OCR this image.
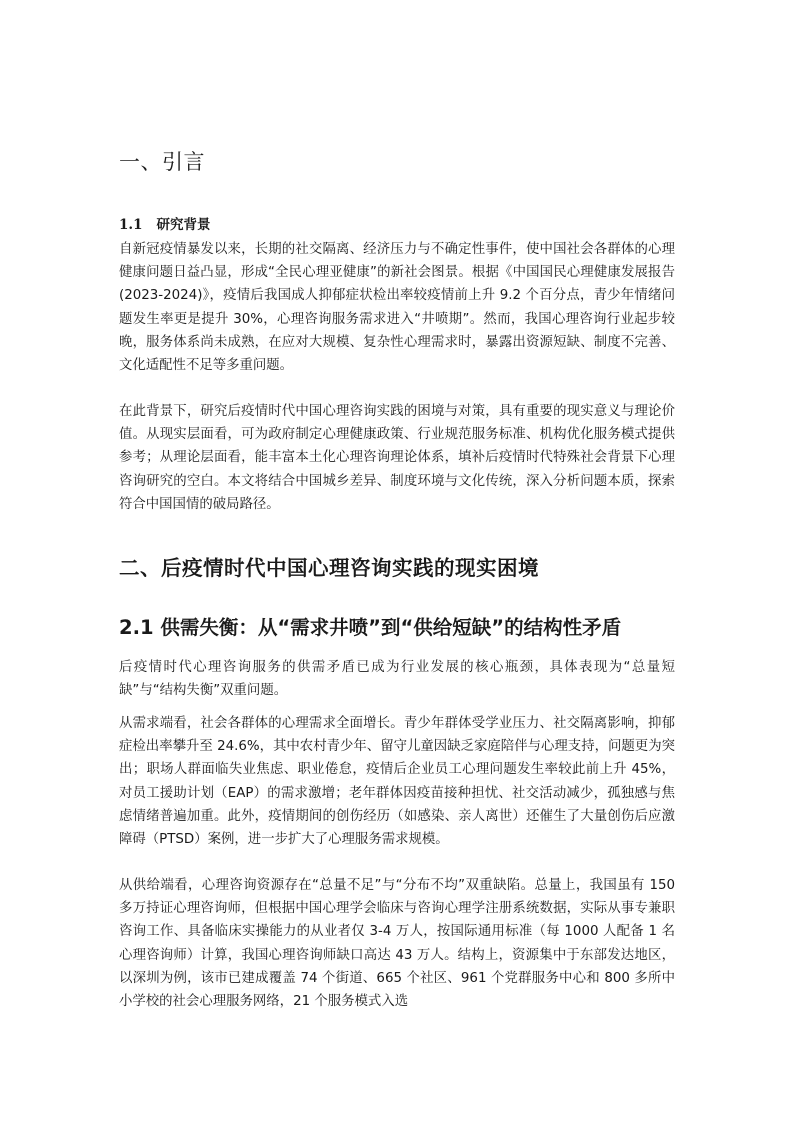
一、引言
1.1 研究背景

自新冠疫情暴发以来，长期的社交隔离、经济压力与不确定性事件，使中国社会各群体的心理健康问题日益凸显，形成“全民心理亚健康”的新社会图景。根据《中国国民心理健康发展报告 (2023-2024)》，疫情后我国成人抑郁症状检出率较疫情前上升 9.2 个百分点，青少年情绪问题发生率更是提升 30%，心理咨询服务需求进入“井喷期”。然而，我国心理咨询行业起步较晚，服务体系尚未成熟，在应对大规模、复杂性心理需求时，暴露出资源短缺、制度不完善、文化适配性不足等多重问题。

在此背景下，研究后疫情时代中国心理咨询实践的困境与对策，具有重要的现实意义与理论价值。从现实层面看，可为政府制定心理健康政策、行业规范服务标准、机构优化服务模式提供参考；从理论层面看，能丰富本土化心理咨询理论体系，填补后疫情时代特殊社会背景下心理咨询研究的空白。本文将结合中国城乡差异、制度环境与文化传统，深入分析问题本质，探索符合中国国情的破局路径。

二、后疫情时代中国心理咨询实践的现实困境
2.1 供需失衡：从“需求井喷”到“供给短缺”的结构性矛盾

后疫情时代心理咨询服务的供需矛盾已成为行业发展的核心瓶颈，具体表现为“总量短缺”与“结构失衡”双重问题。

从需求端看，社会各群体的心理需求全面增长。青少年群体受学业压力、社交隔离影响，抑郁症检出率攀升至 24.6%，其中农村青少年、留守儿童因缺乏家庭陪伴与心理支持，问题更为突出；职场人群面临失业焦虑、职业倦怠，疫情后企业员工心理问题发生率较此前上升 45%，对员工援助计划（EAP）的需求激增；老年群体因疫苗接种担忧、社交活动减少，孤独感与焦虑情绪普遍加重。此外，疫情期间的创伤经历（如感染、亲人离世）还催生了大量创伤后应激障碍（PTSD）案例，进一步扩大了心理服务需求规模。

从供给端看，心理咨询资源存在“总量不足”与“分布不均”双重缺陷。总量上，我国虽有 150 多万持证心理咨询师，但根据中国心理学会临床与咨询心理学注册系统数据，实际从事专兼职咨询工作、具备临床实操能力的从业者仅 3-4 万人，按国际通用标准（每 1000 人配备 1 名心理咨询师）计算，我国心理咨询师缺口高达 43 万人。结构上，资源集中于东部发达地区，以深圳为例，该市已建成覆盖 74 个街道、665 个社区、961 个党群服务中心和 800 多所中小学校的社会心理服务网络，21 个服务模式入选
